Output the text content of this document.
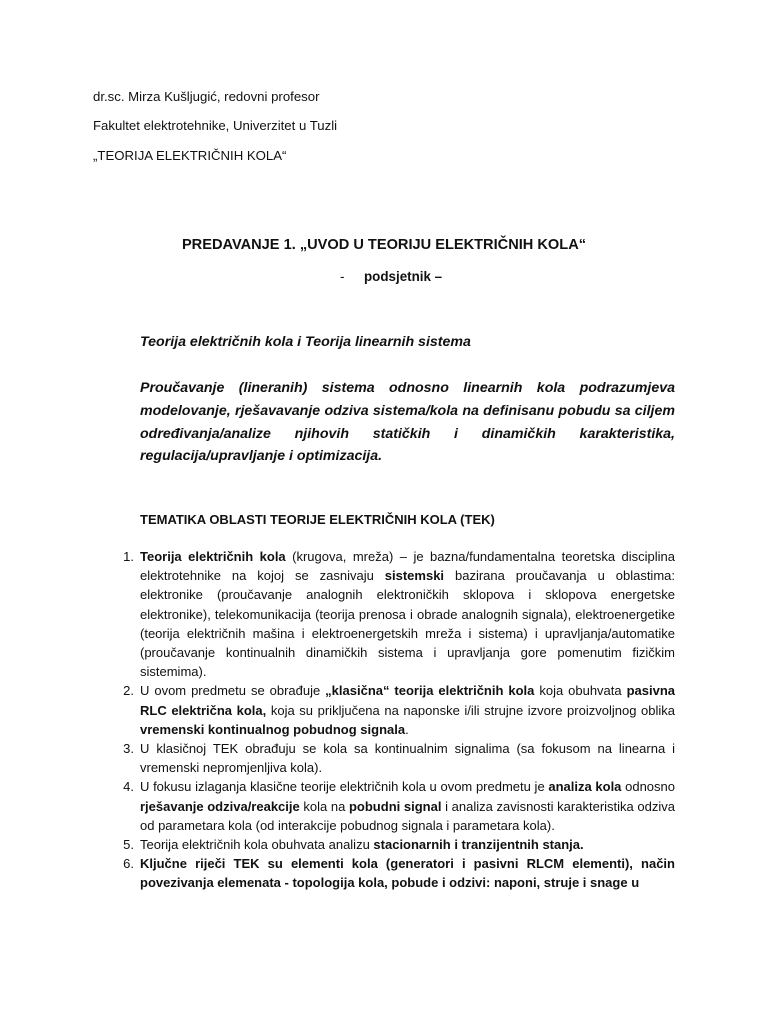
dr.sc. Mirza Kušljugić, redovni profesor
Fakultet elektrotehnike, Univerzitet u Tuzli
„TEORIJA ELEKTRIČNIH KOLA“
PREDAVANJE 1. „UVOD U TEORIJU ELEKTRIČNIH KOLA“
- podsjetnik –
Teorija električnih kola i Teorija linearnih sistema
Proučavanje (lineranih) sistema odnosno linearnih kola podrazumjeva modelovanje, rješavavanje odziva sistema/kola na definisanu pobudu sa ciljem određivanja/analize njihovih statičkih i dinamičkih karakteristika, regulacija/upravljanje i optimizacija.
TEMATIKA OBLASTI TEORIJE ELEKTRIČNIH KOLA (TEK)
1. Teorija električnih kola (krugova, mreža) – je bazna/fundamentalna teoretska disciplina elektrotehnike na kojoj se zasnivaju sistemski bazirana proučavanja u oblastima: elektronike (proučavanje analognih elektroničkih sklopova i sklopova energetske elektronike), telekomunikacija (teorija prenosa i obrade analognih signala), elektroenergetike (teorija električnih mašina i elektroenergetskih mreža i sistema) i upravljanja/automatike (proučavanje kontinualnih dinamičkih sistema i upravljanja gore pomenutim fizičkim sistemima).
2. U ovom predmetu se obrađuje „klasična“ teorija električnih kola koja obuhvata pasivna RLC električna kola, koja su priključena na naponske i/ili strujne izvore proizvoljnog oblika vremenski kontinualnog pobudnog signala.
3. U klasičnoj TEK obrađuju se kola sa kontinualnim signalima (sa fokusom na linearna i vremenski nepromjenljiva kola).
4. U fokusu izlaganja klasične teorije električnih kola u ovom predmetu je analiza kola odnosno rješavanje odziva/reakcije kola na pobudni signal i analiza zavisnosti karakteristika odziva od parametara kola (od interakcije pobudnog signala i parametara kola).
5. Teorija električnih kola obuhvata analizu stacionarnih i tranzijentnih stanja.
6. Ključne riječi TEK su elementi kola (generatori i pasivni RLCM elementi), način povezivanja elemenata - topologija kola, pobude i odzivi: naponi, struje i snage u
